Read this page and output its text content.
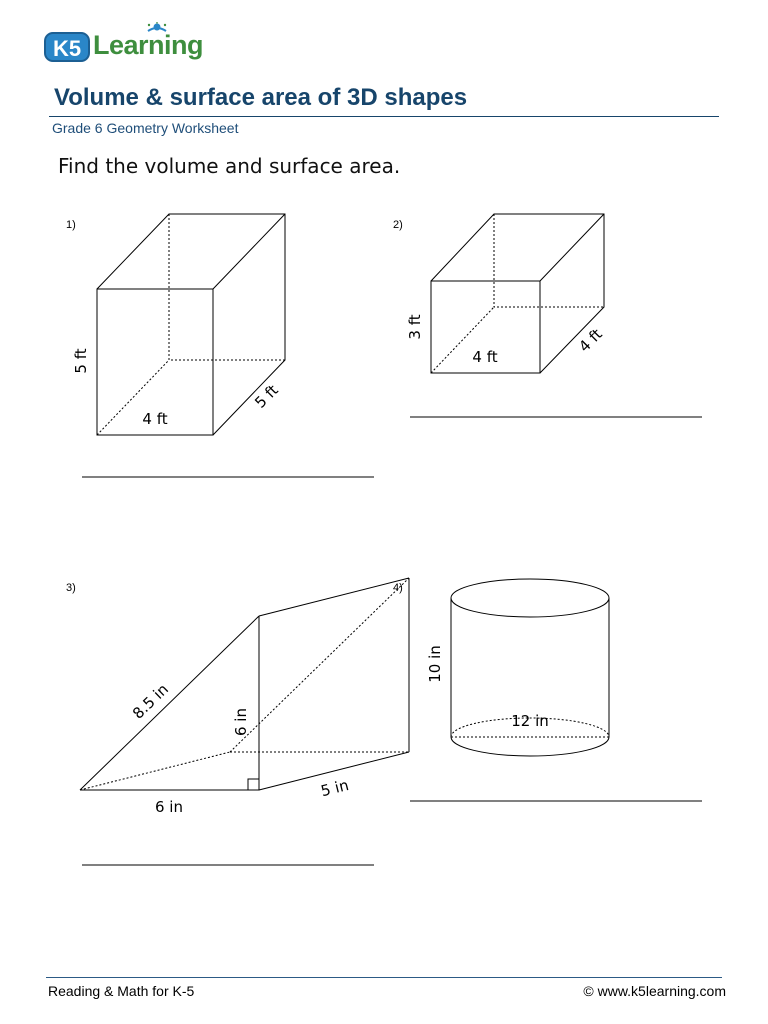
K5 Learning
Volume & surface area of 3D shapes
Grade 6 Geometry Worksheet
Find the volume and surface area.
1)
5 ft
4 ft
5 ft
2)
3 ft
4 ft
4 ft
3)
8.5 in	6 in
6 in
5 in
4)
10 in
12 in
Reading & Math for K-5	© www.k5learning.com
